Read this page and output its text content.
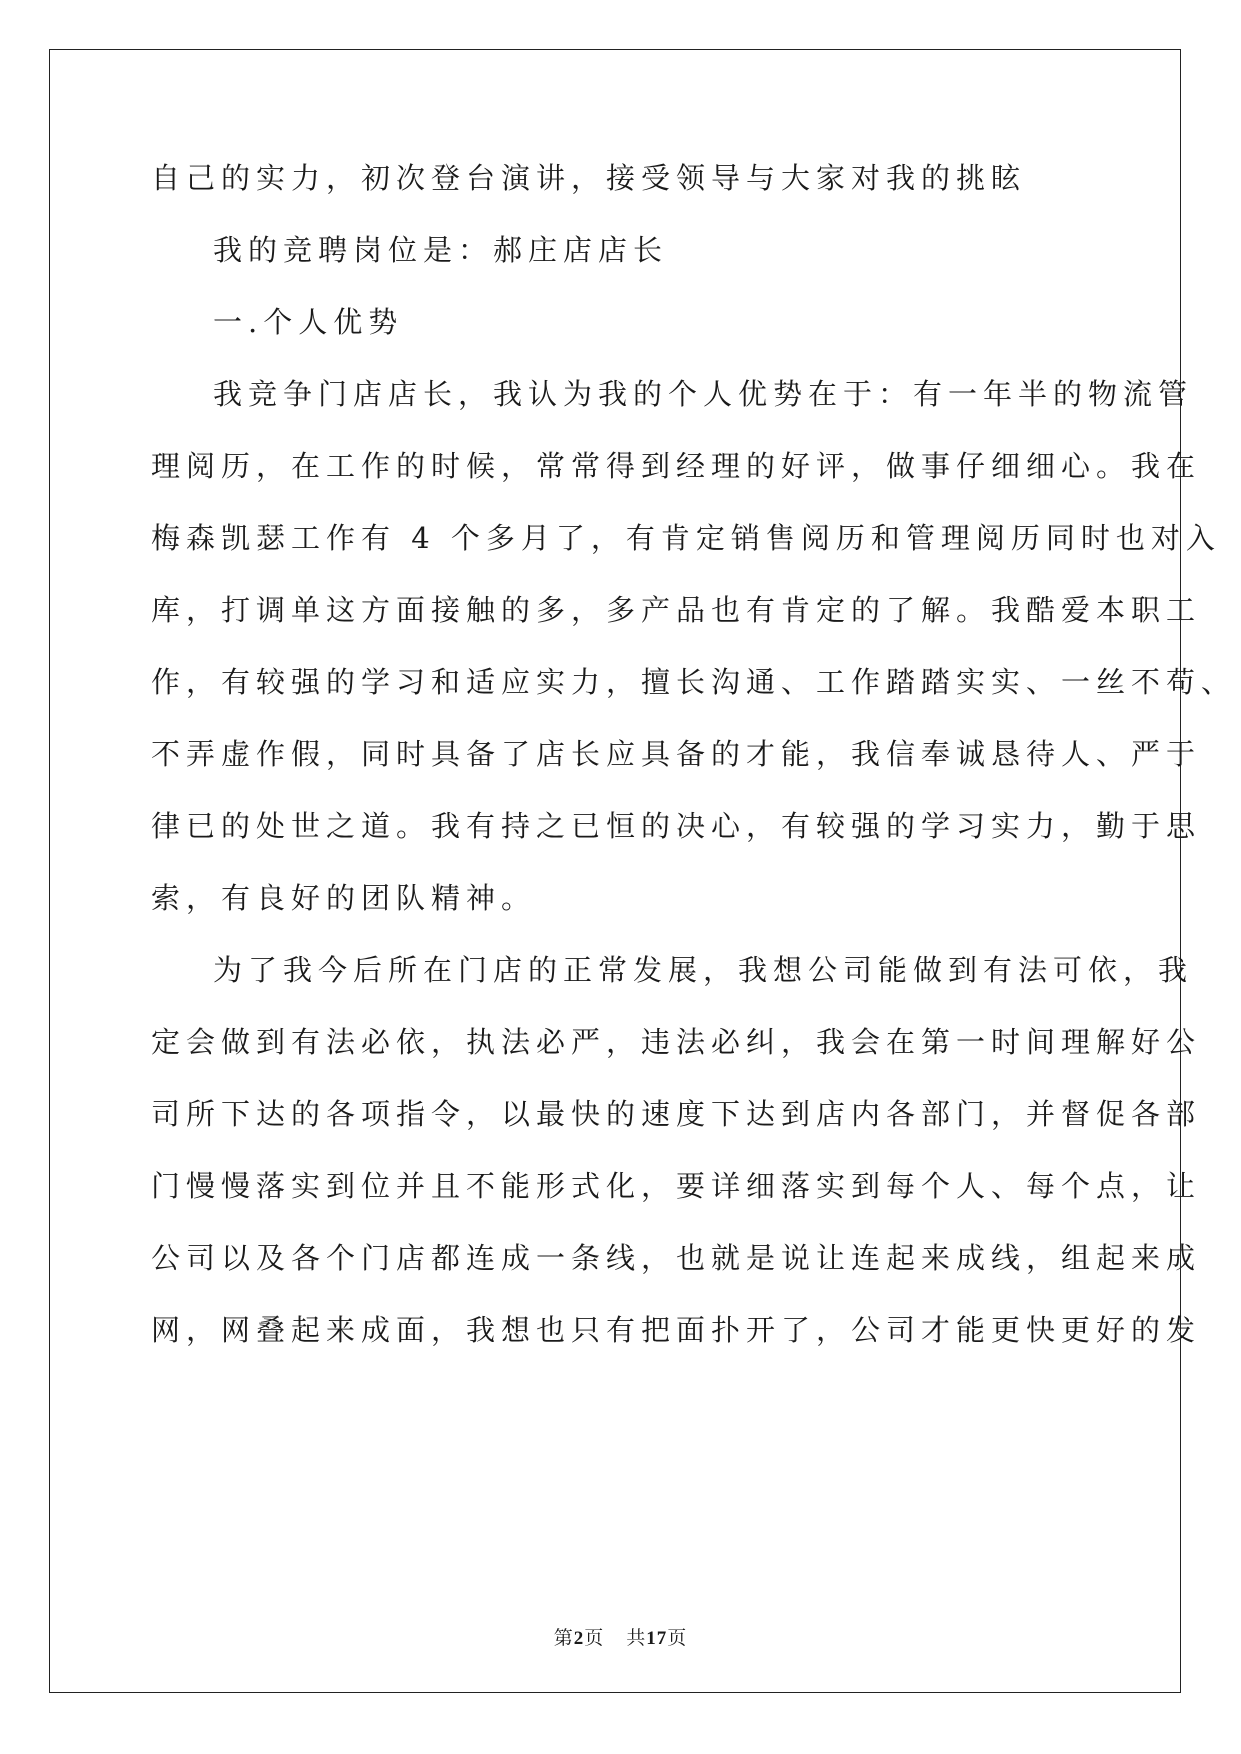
自己的实力，初次登台演讲，接受领导与大家对我的挑眩
我的竞聘岗位是：郝庄店店长
一.个人优势
我竞争门店店长，我认为我的个人优势在于：有一年半的物流管
理阅历，在工作的时候，常常得到经理的好评，做事仔细细心。我在
梅森凯瑟工作有 4 个多月了，有肯定销售阅历和管理阅历同时也对入
库，打调单这方面接触的多，多产品也有肯定的了解。我酷爱本职工
作，有较强的学习和适应实力，擅长沟通、工作踏踏实实、一丝不苟、
不弄虚作假，同时具备了店长应具备的才能，我信奉诚恳待人、严于
律已的处世之道。我有持之已恒的决心，有较强的学习实力，勤于思
索，有良好的团队精神。
为了我今后所在门店的正常发展，我想公司能做到有法可依，我
定会做到有法必依，执法必严，违法必纠，我会在第一时间理解好公
司所下达的各项指令，以最快的速度下达到店内各部门，并督促各部
门慢慢落实到位并且不能形式化，要详细落实到每个人、每个点，让
公司以及各个门店都连成一条线，也就是说让连起来成线，组起来成
网，网叠起来成面，我想也只有把面扑开了，公司才能更快更好的发
第2页 共17页
